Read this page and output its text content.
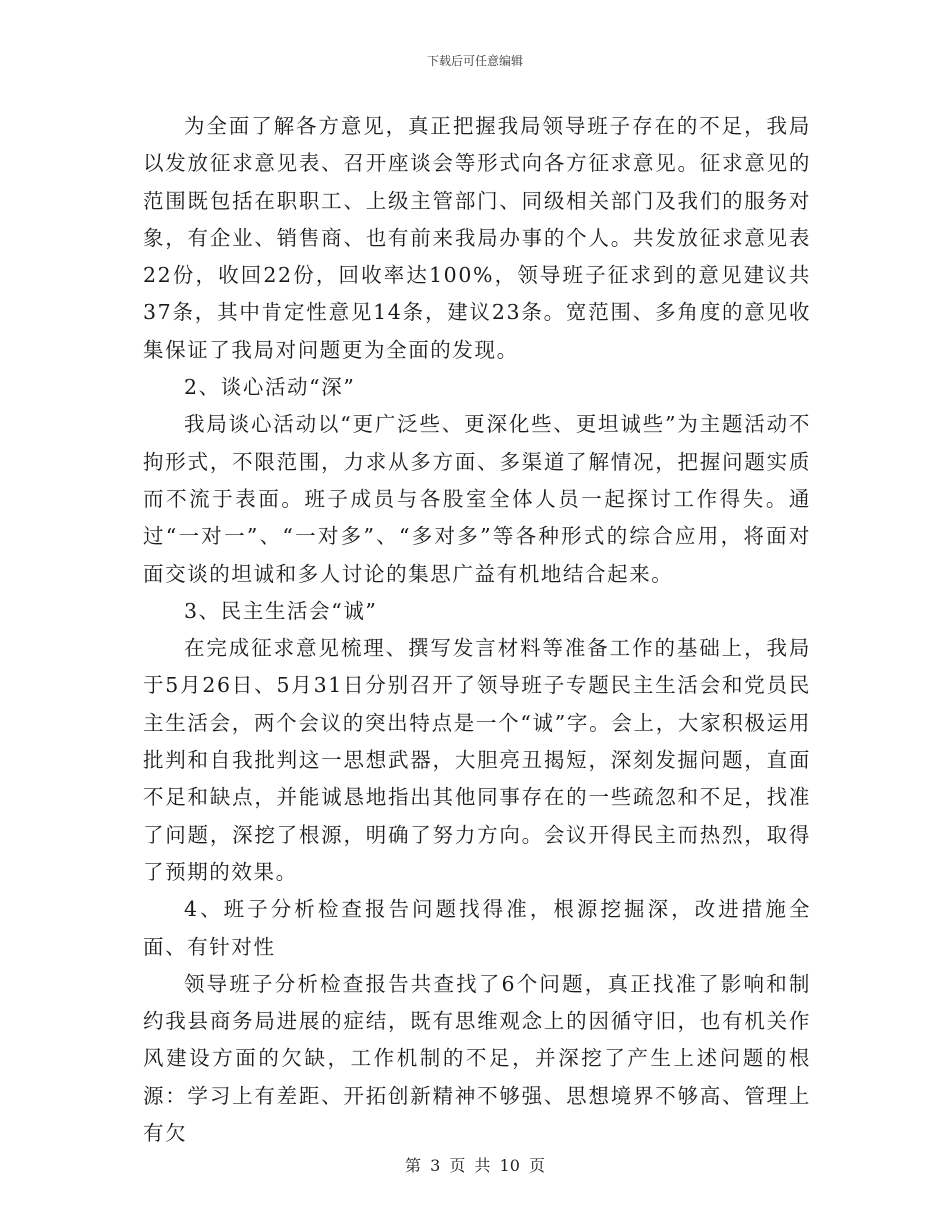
下载后可任意编辑

为全面了解各方意见，真正把握我局领导班子存在的不足，我局以发放征求意见表、召开座谈会等形式向各方征求意见。征求意见的范围既包括在职职工、上级主管部门、同级相关部门及我们的服务对象，有企业、销售商、也有前来我局办事的个人。共发放征求意见表22份，收回22份，回收率达100%，领导班子征求到的意见建议共37条，其中肯定性意见14条，建议23条。宽范围、多角度的意见收集保证了我局对问题更为全面的发现。

2、谈心活动“深”

我局谈心活动以“更广泛些、更深化些、更坦诚些”为主题活动不拘形式，不限范围，力求从多方面、多渠道了解情况，把握问题实质而不流于表面。班子成员与各股室全体人员一起探讨工作得失。通过“一对一”、“一对多”、“多对多”等各种形式的综合应用，将面对面交谈的坦诚和多人讨论的集思广益有机地结合起来。

3、民主生活会“诚”

在完成征求意见梳理、撰写发言材料等准备工作的基础上，我局于5月26日、5月31日分别召开了领导班子专题民主生活会和党员民主生活会，两个会议的突出特点是一个“诚”字。会上，大家积极运用批判和自我批判这一思想武器，大胆亮丑揭短，深刻发掘问题，直面不足和缺点，并能诚恳地指出其他同事存在的一些疏忽和不足，找准了问题，深挖了根源，明确了努力方向。会议开得民主而热烈，取得了预期的效果。

4、班子分析检查报告问题找得准，根源挖掘深，改进措施全面、有针对性

领导班子分析检查报告共查找了6个问题，真正找准了影响和制约我县商务局进展的症结，既有思维观念上的因循守旧，也有机关作风建设方面的欠缺，工作机制的不足，并深挖了产生上述问题的根源：学习上有差距、开拓创新精神不够强、思想境界不够高、管理上有欠

第 3 页 共 10 页
